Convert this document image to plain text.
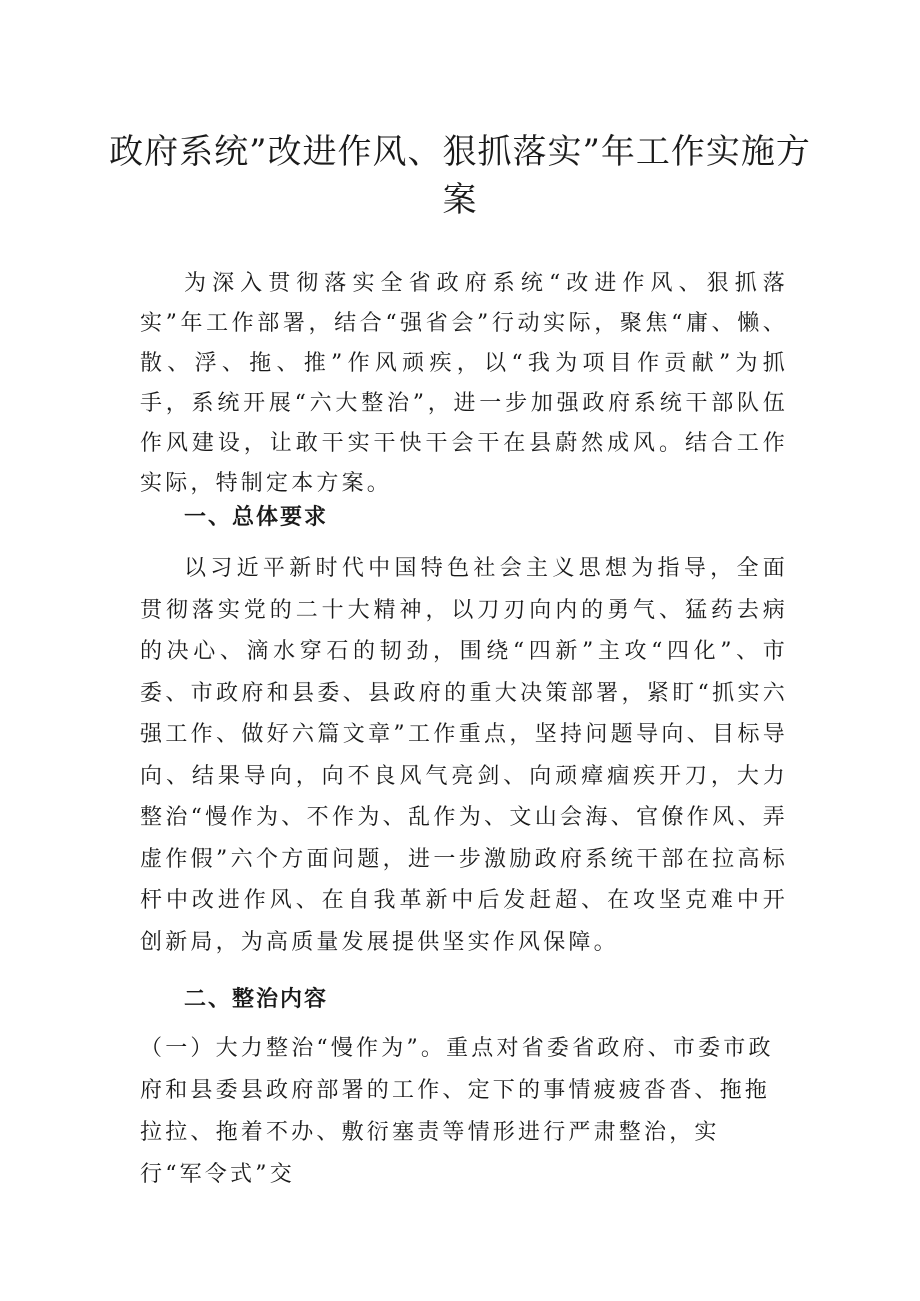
政府系统”改进作风、狠抓落实”年工作实施方案

为深入贯彻落实全省政府系统“改进作风、狠抓落实”年工作部署，结合“强省会”行动实际，聚焦“庸、懒、散、浮、拖、推”作风顽疾，以“我为项目作贡献”为抓手，系统开展“六大整治”，进一步加强政府系统干部队伍作风建设，让敢干实干快干会干在县蔚然成风。结合工作实际，特制定本方案。

一、总体要求

以习近平新时代中国特色社会主义思想为指导，全面贯彻落实党的二十大精神，以刀刃向内的勇气、猛药去病的决心、滴水穿石的韧劲，围绕“四新”主攻“四化”、市委、市政府和县委、县政府的重大决策部署，紧盯“抓实六强工作、做好六篇文章”工作重点，坚持问题导向、目标导向、结果导向，向不良风气亮剑、向顽瘴痼疾开刀，大力整治“慢作为、不作为、乱作为、文山会海、官僚作风、弄虚作假”六个方面问题，进一步激励政府系统干部在拉高标杆中改进作风、在自我革新中后发赶超、在攻坚克难中开创新局，为高质量发展提供坚实作风保障。

二、整治内容

（一）大力整治“慢作为”。重点对省委省政府、市委市政府和县委县政府部署的工作、定下的事情疲疲沓沓、拖拖拉拉、拖着不办、敷衍塞责等情形进行严肃整治，实行“军令式”交
